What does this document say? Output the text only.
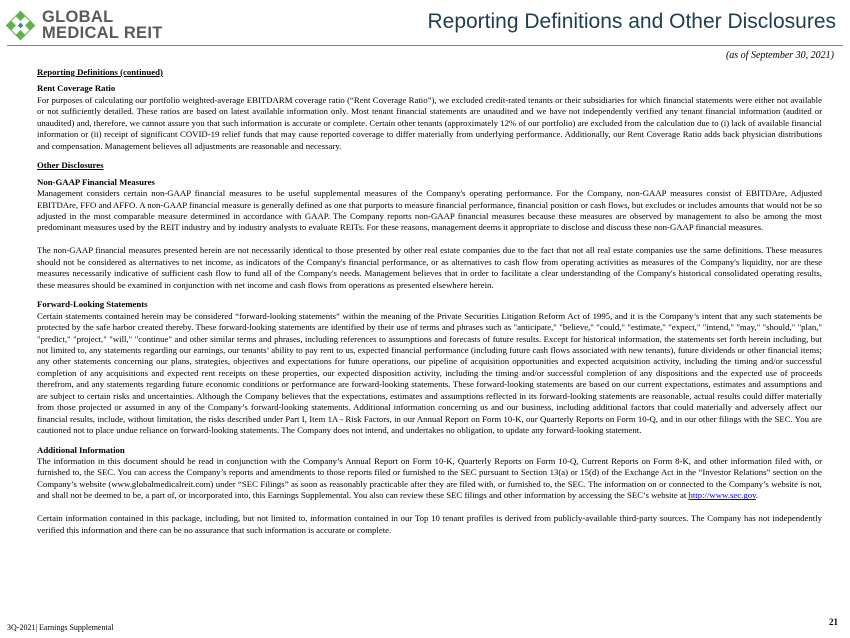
GLOBAL
MEDICAL REIT	Reporting Definitions and Other Disclosures
(as of September 30, 2021)
Reporting Definitions (continued)
Rent Coverage Ratio

For purposes of calculating our portfolio weighted-average EBITDARM coverage ratio (“Rent Coverage Ratio”), we excluded credit-rated tenants or their subsidiaries for which financial statements were either not available or not sufficiently detailed. These ratios are based on latest available information only. Most tenant financial statements are unaudited and we have not independently verified any tenant financial information (audited or unaudited) and, therefore, we cannot assure you that such information is accurate or complete. Certain other tenants (approximately 12% of our portfolio) are excluded from the calculation due to (i) lack of available financial information or (ii) receipt of significant COVID-19 relief funds that may cause reported coverage to differ materially from underlying performance. Additionally, our Rent Coverage Ratio adds back physician distributions and compensation. Management believes all adjustments are reasonable and necessary.

Other Disclosures
Non-GAAP Financial Measures

Management considers certain non-GAAP financial measures to be useful supplemental measures of the Company's operating performance. For the Company, non-GAAP measures consist of EBITDAre, Adjusted EBITDAre, FFO and AFFO. A non-GAAP financial measure is generally defined as one that purports to measure financial performance, financial position or cash flows, but excludes or includes amounts that would not be so adjusted in the most comparable measure determined in accordance with GAAP. The Company reports non-GAAP financial measures because these measures are observed by management to also be among the most predominant measures used by the REIT industry and by industry analysts to evaluate REITs. For these reasons, management deems it appropriate to disclose and discuss these non-GAAP financial measures.

The non-GAAP financial measures presented herein are not necessarily identical to those presented by other real estate companies due to the fact that not all real estate companies use the same definitions. These measures should not be considered as alternatives to net income, as indicators of the Company's financial performance, or as alternatives to cash flow from operating activities as measures of the Company's liquidity, nor are these measures necessarily indicative of sufficient cash flow to fund all of the Company's needs. Management believes that in order to facilitate a clear understanding of the Company's historical consolidated operating results, these measures should be examined in conjunction with net income and cash flows from operations as presented elsewhere herein.

Forward-Looking Statements

Certain statements contained herein may be considered “forward-looking statements” within the meaning of the Private Securities Litigation Reform Act of 1995, and it is the Company’s intent that any such statements be protected by the safe harbor created thereby. These forward-looking statements are identified by their use of terms and phrases such as "anticipate," "believe," "could," "estimate," "expect," "intend," "may," "should," "plan," "predict," "project," "will," "continue" and other similar terms and phrases, including references to assumptions and forecasts of future results. Except for historical information, the statements set forth herein including, but not limited to, any statements regarding our earnings, our tenants’ ability to pay rent to us, expected financial performance (including future cash flows associated with new tenants), future dividends or other financial items; any other statements concerning our plans, strategies, objectives and expectations for future operations, our pipeline of acquisition opportunities and expected acquisition activity, including the timing and/or successful completion of any acquisitions and expected rent receipts on these properties, our expected disposition activity, including the timing and/or successful completion of any dispositions and the expected use of proceeds therefrom, and any statements regarding future economic conditions or performance are forward-looking statements. These forward-looking statements are based on our current expectations, estimates and assumptions and are subject to certain risks and uncertainties. Although the Company believes that the expectations, estimates and assumptions reflected in its forward-looking statements are reasonable, actual results could differ materially from those projected or assumed in any of the Company’s forward-looking statements. Additional information concerning us and our business, including additional factors that could materially and adversely affect our financial results, include, without limitation, the risks described under Part I, Item 1A - Risk Factors, in our Annual Report on Form 10-K, our Quarterly Reports on Form 10-Q, and in our other filings with the SEC. You are cautioned not to place undue reliance on forward-looking statements. The Company does not intend, and undertakes no obligation, to update any forward-looking statement.

Additional Information

The information in this document should be read in conjunction with the Company’s Annual Report on Form 10-K, Quarterly Reports on Form 10-Q, Current Reports on Form 8-K, and other information filed with, or furnished to, the SEC. You can access the Company’s reports and amendments to those reports filed or furnished to the SEC pursuant to Section 13(a) or 15(d) of the Exchange Act in the “Investor Relations” section on the Company’s website (www.globalmedicalreit.com) under “SEC Filings” as soon as reasonably practicable after they are filed with, or furnished to, the SEC. The information on or connected to the Company’s website is not, and shall not be deemed to be, a part of, or incorporated into, this Earnings Supplemental. You also can review these SEC filings and other information by accessing the SEC’s website at http://www.sec.gov.

Certain information contained in this package, including, but not limited to, information contained in our Top 10 tenant profiles is derived from publicly-available third-party sources. The Company has not independently verified this information and there can be no assurance that such information is accurate or complete.

3Q-2021| Earnings Supplemental
21
